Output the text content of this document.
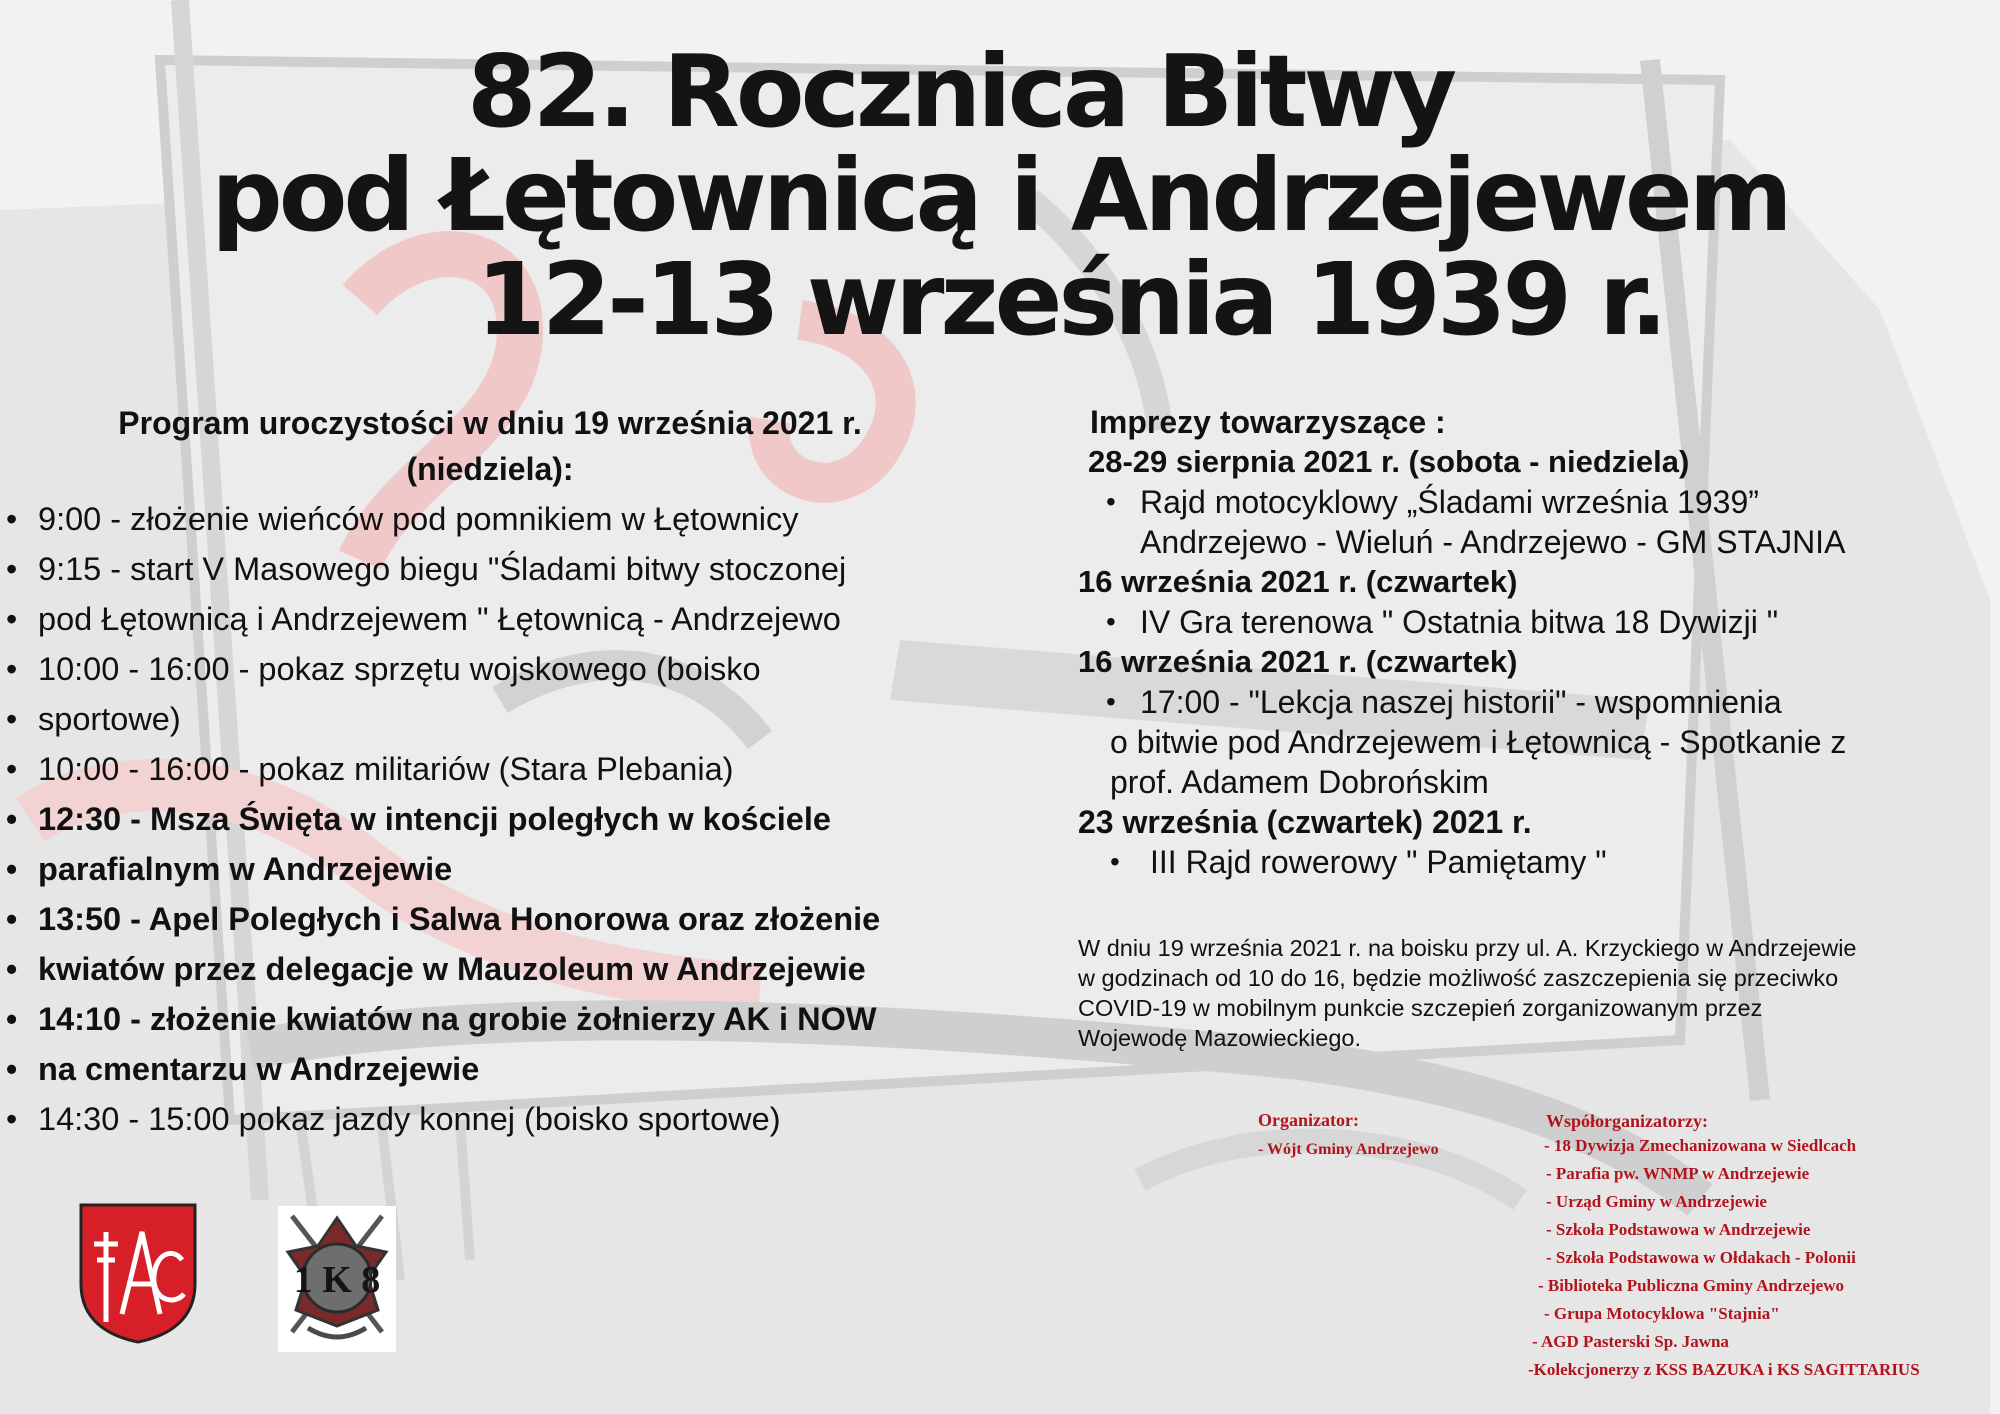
82. Rocznica Bitwy
pod Łętownicą i Andrzejewem
12-13 września 1939 r.
Program uroczystości w dniu 19 września 2021 r.
(niedziela):
• 9:00 - złożenie wieńców pod pomnikiem w Łętownicy
• 9:15 - start V Masowego biegu "Śladami bitwy stoczonej
• pod Łętownicą i Andrzejewem " Łętownicą - Andrzejewo
• 10:00 - 16:00 - pokaz sprzętu wojskowego (boisko
• sportowe)
• 10:00 - 16:00 - pokaz militariów (Stara Plebania)
• 12:30 - Msza Święta w intencji poległych w kościele
• parafialnym w Andrzejewie
• 13:50 - Apel Poległych i Salwa Honorowa oraz złożenie
• kwiatów przez delegacje w Mauzoleum w Andrzejewie
• 14:10 - złożenie kwiatów na grobie żołnierzy AK i NOW
• na cmentarzu w Andrzejewie
• 14:30 - 15:00 pokaz jazdy konnej (boisko sportowe)
Imprezy towarzyszące :
28-29 sierpnia 2021 r. (sobota - niedziela)
• Rajd motocyklowy „Śladami września 1939”
Andrzejewo - Wieluń - Andrzejewo - GM STAJNIA
16 września 2021 r. (czwartek)
• IV Gra terenowa " Ostatnia bitwa 18 Dywizji "
16 września 2021 r. (czwartek)
• 17:00 - "Lekcja naszej historii" - wspomnienia
o bitwie pod Andrzejewem i Łętownicą - Spotkanie z
prof. Adamem Dobrońskim
23 września (czwartek) 2021 r.
• III Rajd rowerowy " Pamiętamy "
W dniu 19 września 2021 r. na boisku przy ul. A. Krzyckiego w Andrzejewie
w godzinach od 10 do 16, będzie możliwość zaszczepienia się przeciwko
COVID-19 w mobilnym punkcie szczepień zorganizowanym przez
Wojewodę Mazowieckiego.
Organizator:
- Wójt Gminy Andrzejewo
Współorganizatorzy:
- 18 Dywizja Zmechanizowana w Siedlcach
- Parafia pw. WNMP w Andrzejewie
- Urząd Gminy w Andrzejewie
- Szkoła Podstawowa w Andrzejewie
- Szkoła Podstawowa w Ołdakach - Polonii
- Biblioteka Publiczna Gminy Andrzejewo
- Grupa Motocyklowa "Stajnia"
- AGD Pasterski Sp. Jawna
-Kolekcjonerzy z KSS BAZUKA i KS SAGITTARIUS
1 K 8
